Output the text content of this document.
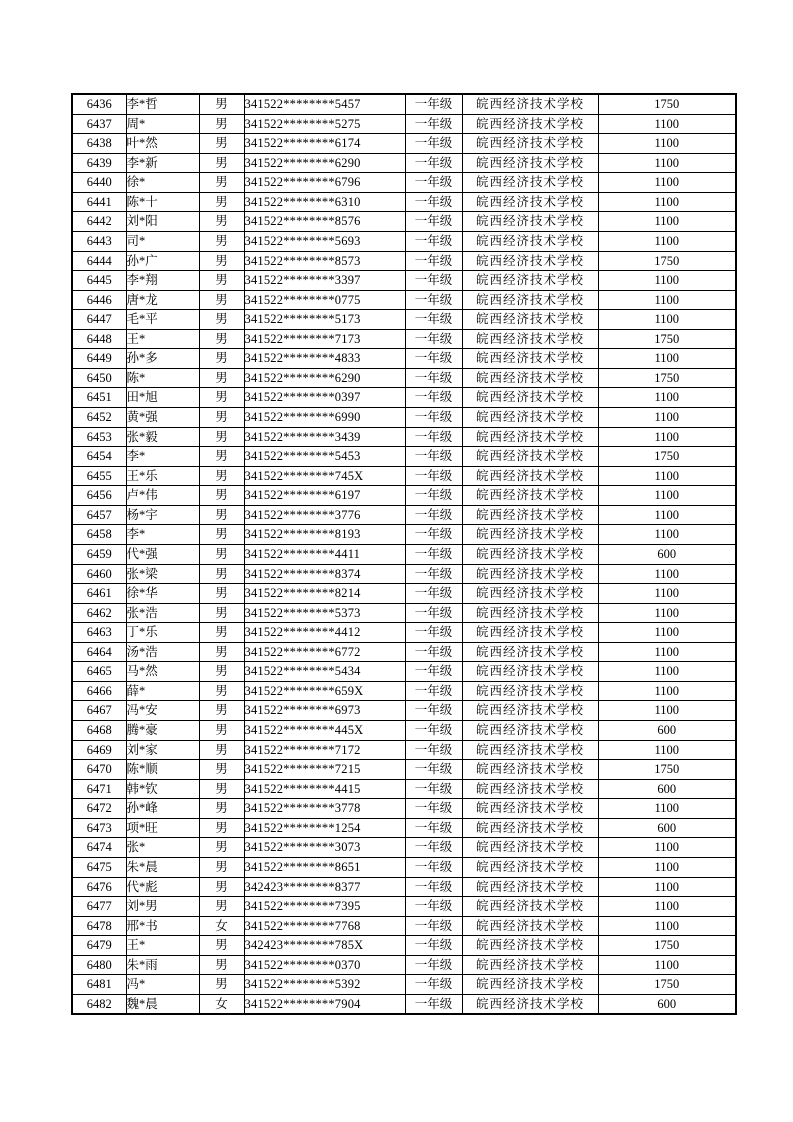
6436	李*哲	男	341522********5457	一年级	皖西经济技术学校	1750
6437	周*	男	341522********5275	一年级	皖西经济技术学校	1100
6438	叶*然	男	341522********6174	一年级	皖西经济技术学校	1100
6439	李*新	男	341522********6290	一年级	皖西经济技术学校	1100
6440	徐*	男	341522********6796	一年级	皖西经济技术学校	1100
6441	陈*十	男	341522********6310	一年级	皖西经济技术学校	1100
6442	刘*阳	男	341522********8576	一年级	皖西经济技术学校	1100
6443	司*	男	341522********5693	一年级	皖西经济技术学校	1100
6444	孙*广	男	341522********8573	一年级	皖西经济技术学校	1750
6445	李*翔	男	341522********3397	一年级	皖西经济技术学校	1100
6446	唐*龙	男	341522********0775	一年级	皖西经济技术学校	1100
6447	毛*平	男	341522********5173	一年级	皖西经济技术学校	1100
6448	王*	男	341522********7173	一年级	皖西经济技术学校	1750
6449	孙*多	男	341522********4833	一年级	皖西经济技术学校	1100
6450	陈*	男	341522********6290	一年级	皖西经济技术学校	1750
6451	田*旭	男	341522********0397	一年级	皖西经济技术学校	1100
6452	黄*强	男	341522********6990	一年级	皖西经济技术学校	1100
6453	张*毅	男	341522********3439	一年级	皖西经济技术学校	1100
6454	李*	男	341522********5453	一年级	皖西经济技术学校	1750
6455	王*乐	男	341522********745X	一年级	皖西经济技术学校	1100
6456	卢*伟	男	341522********6197	一年级	皖西经济技术学校	1100
6457	杨*宇	男	341522********3776	一年级	皖西经济技术学校	1100
6458	李*	男	341522********8193	一年级	皖西经济技术学校	1100
6459	代*强	男	341522********4411	一年级	皖西经济技术学校	600
6460	张*梁	男	341522********8374	一年级	皖西经济技术学校	1100
6461	徐*华	男	341522********8214	一年级	皖西经济技术学校	1100
6462	张*浩	男	341522********5373	一年级	皖西经济技术学校	1100
6463	丁*乐	男	341522********4412	一年级	皖西经济技术学校	1100
6464	汤*浩	男	341522********6772	一年级	皖西经济技术学校	1100
6465	马*然	男	341522********5434	一年级	皖西经济技术学校	1100
6466	薛*	男	341522********659X	一年级	皖西经济技术学校	1100
6467	冯*安	男	341522********6973	一年级	皖西经济技术学校	1100
6468	腾*豪	男	341522********445X	一年级	皖西经济技术学校	600
6469	刘*家	男	341522********7172	一年级	皖西经济技术学校	1100
6470	陈*顺	男	341522********7215	一年级	皖西经济技术学校	1750
6471	韩*钦	男	341522********4415	一年级	皖西经济技术学校	600
6472	孙*峰	男	341522********3778	一年级	皖西经济技术学校	1100
6473	项*旺	男	341522********1254	一年级	皖西经济技术学校	600
6474	张*	男	341522********3073	一年级	皖西经济技术学校	1100
6475	朱*晨	男	341522********8651	一年级	皖西经济技术学校	1100
6476	代*彪	男	342423********8377	一年级	皖西经济技术学校	1100
6477	刘*男	男	341522********7395	一年级	皖西经济技术学校	1100
6478	邢*书	女	341522********7768	一年级	皖西经济技术学校	1100
6479	王*	男	342423********785X	一年级	皖西经济技术学校	1750
6480	朱*雨	男	341522********0370	一年级	皖西经济技术学校	1100
6481	冯*	男	341522********5392	一年级	皖西经济技术学校	1750
6482	魏*晨	女	341522********7904	一年级	皖西经济技术学校	600
